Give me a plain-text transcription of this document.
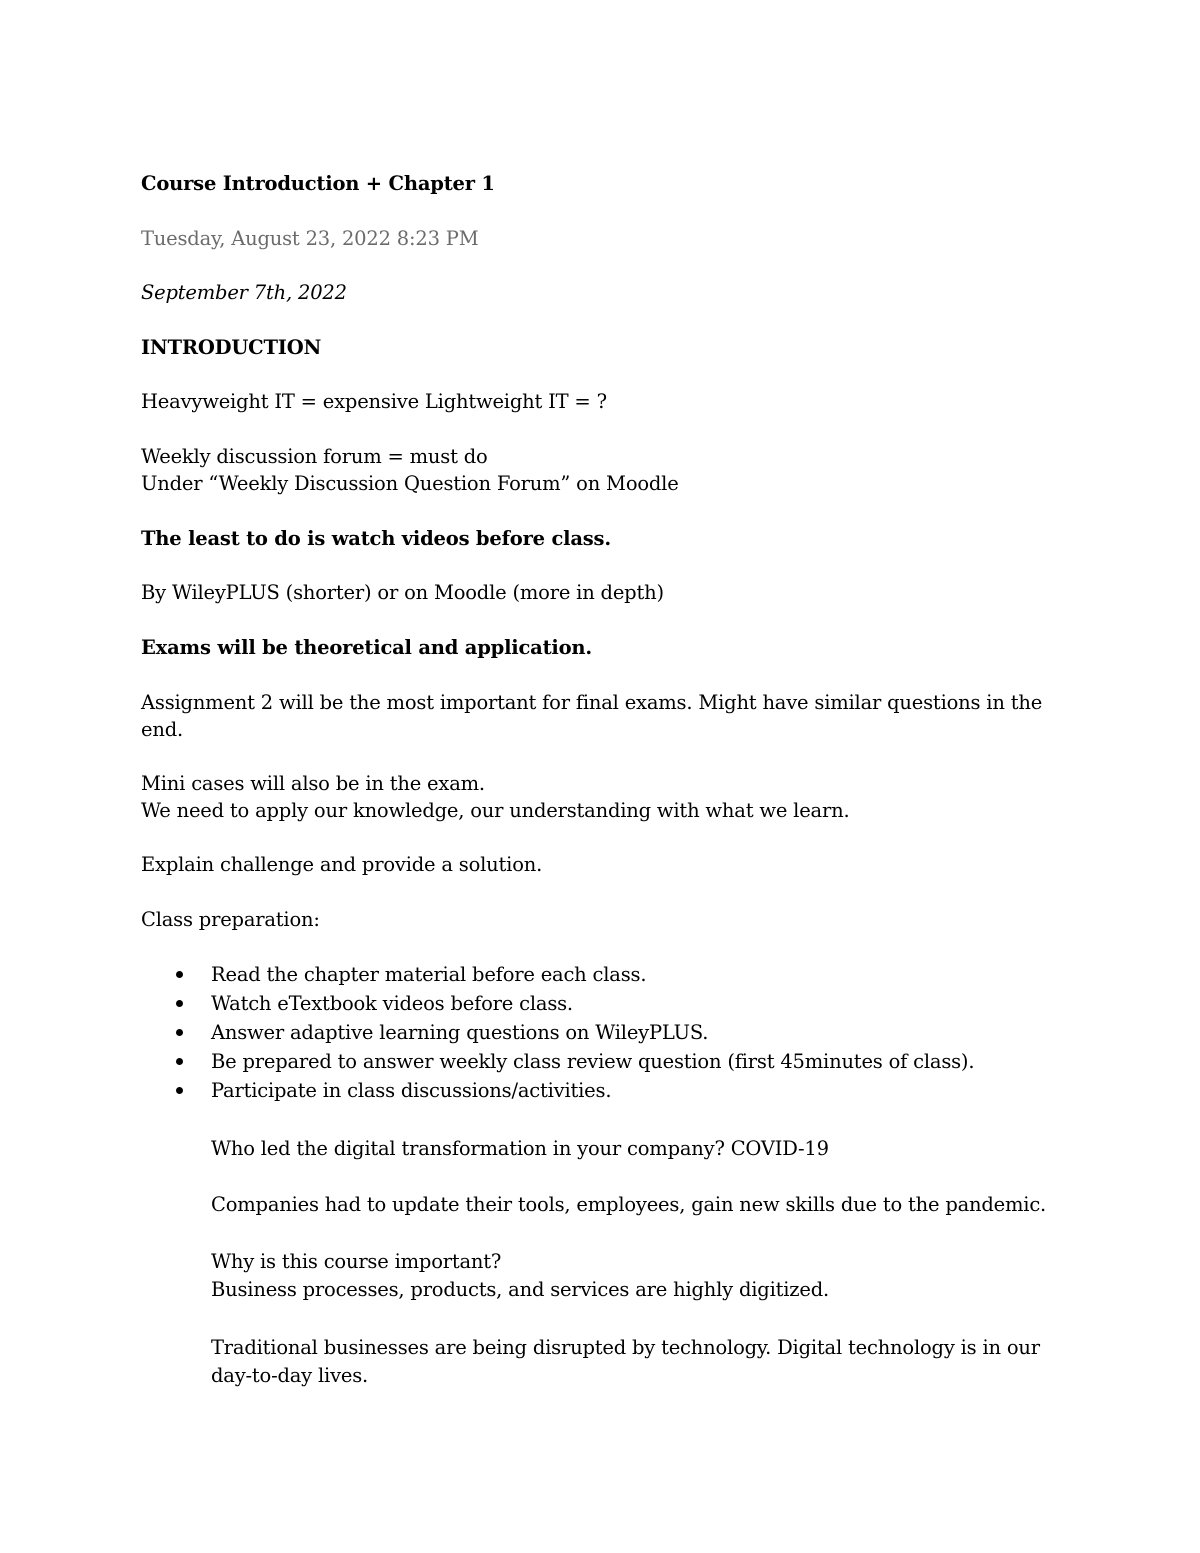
Course Introduction + Chapter 1
Tuesday, August 23, 2022 8:23 PM
September 7th, 2022
INTRODUCTION
Heavyweight IT = expensive Lightweight IT = ?
Weekly discussion forum = must do
Under “Weekly Discussion Question Forum” on Moodle
The least to do is watch videos before class.
By WileyPLUS (shorter) or on Moodle (more in depth)
Exams will be theoretical and application.
Assignment 2 will be the most important for final exams. Might have similar questions in the
end.
Mini cases will also be in the exam.
We need to apply our knowledge, our understanding with what we learn.
Explain challenge and provide a solution.
Class preparation:
Read the chapter material before each class.
Watch eTextbook videos before class.
Answer adaptive learning questions on WileyPLUS.
Be prepared to answer weekly class review question (first 45minutes of class).
Participate in class discussions/activities.
Who led the digital transformation in your company? COVID-19
Companies had to update their tools, employees, gain new skills due to the pandemic.
Why is this course important?
Business processes, products, and services are highly digitized.
Traditional businesses are being disrupted by technology. Digital technology is in our
day-to-day lives.
